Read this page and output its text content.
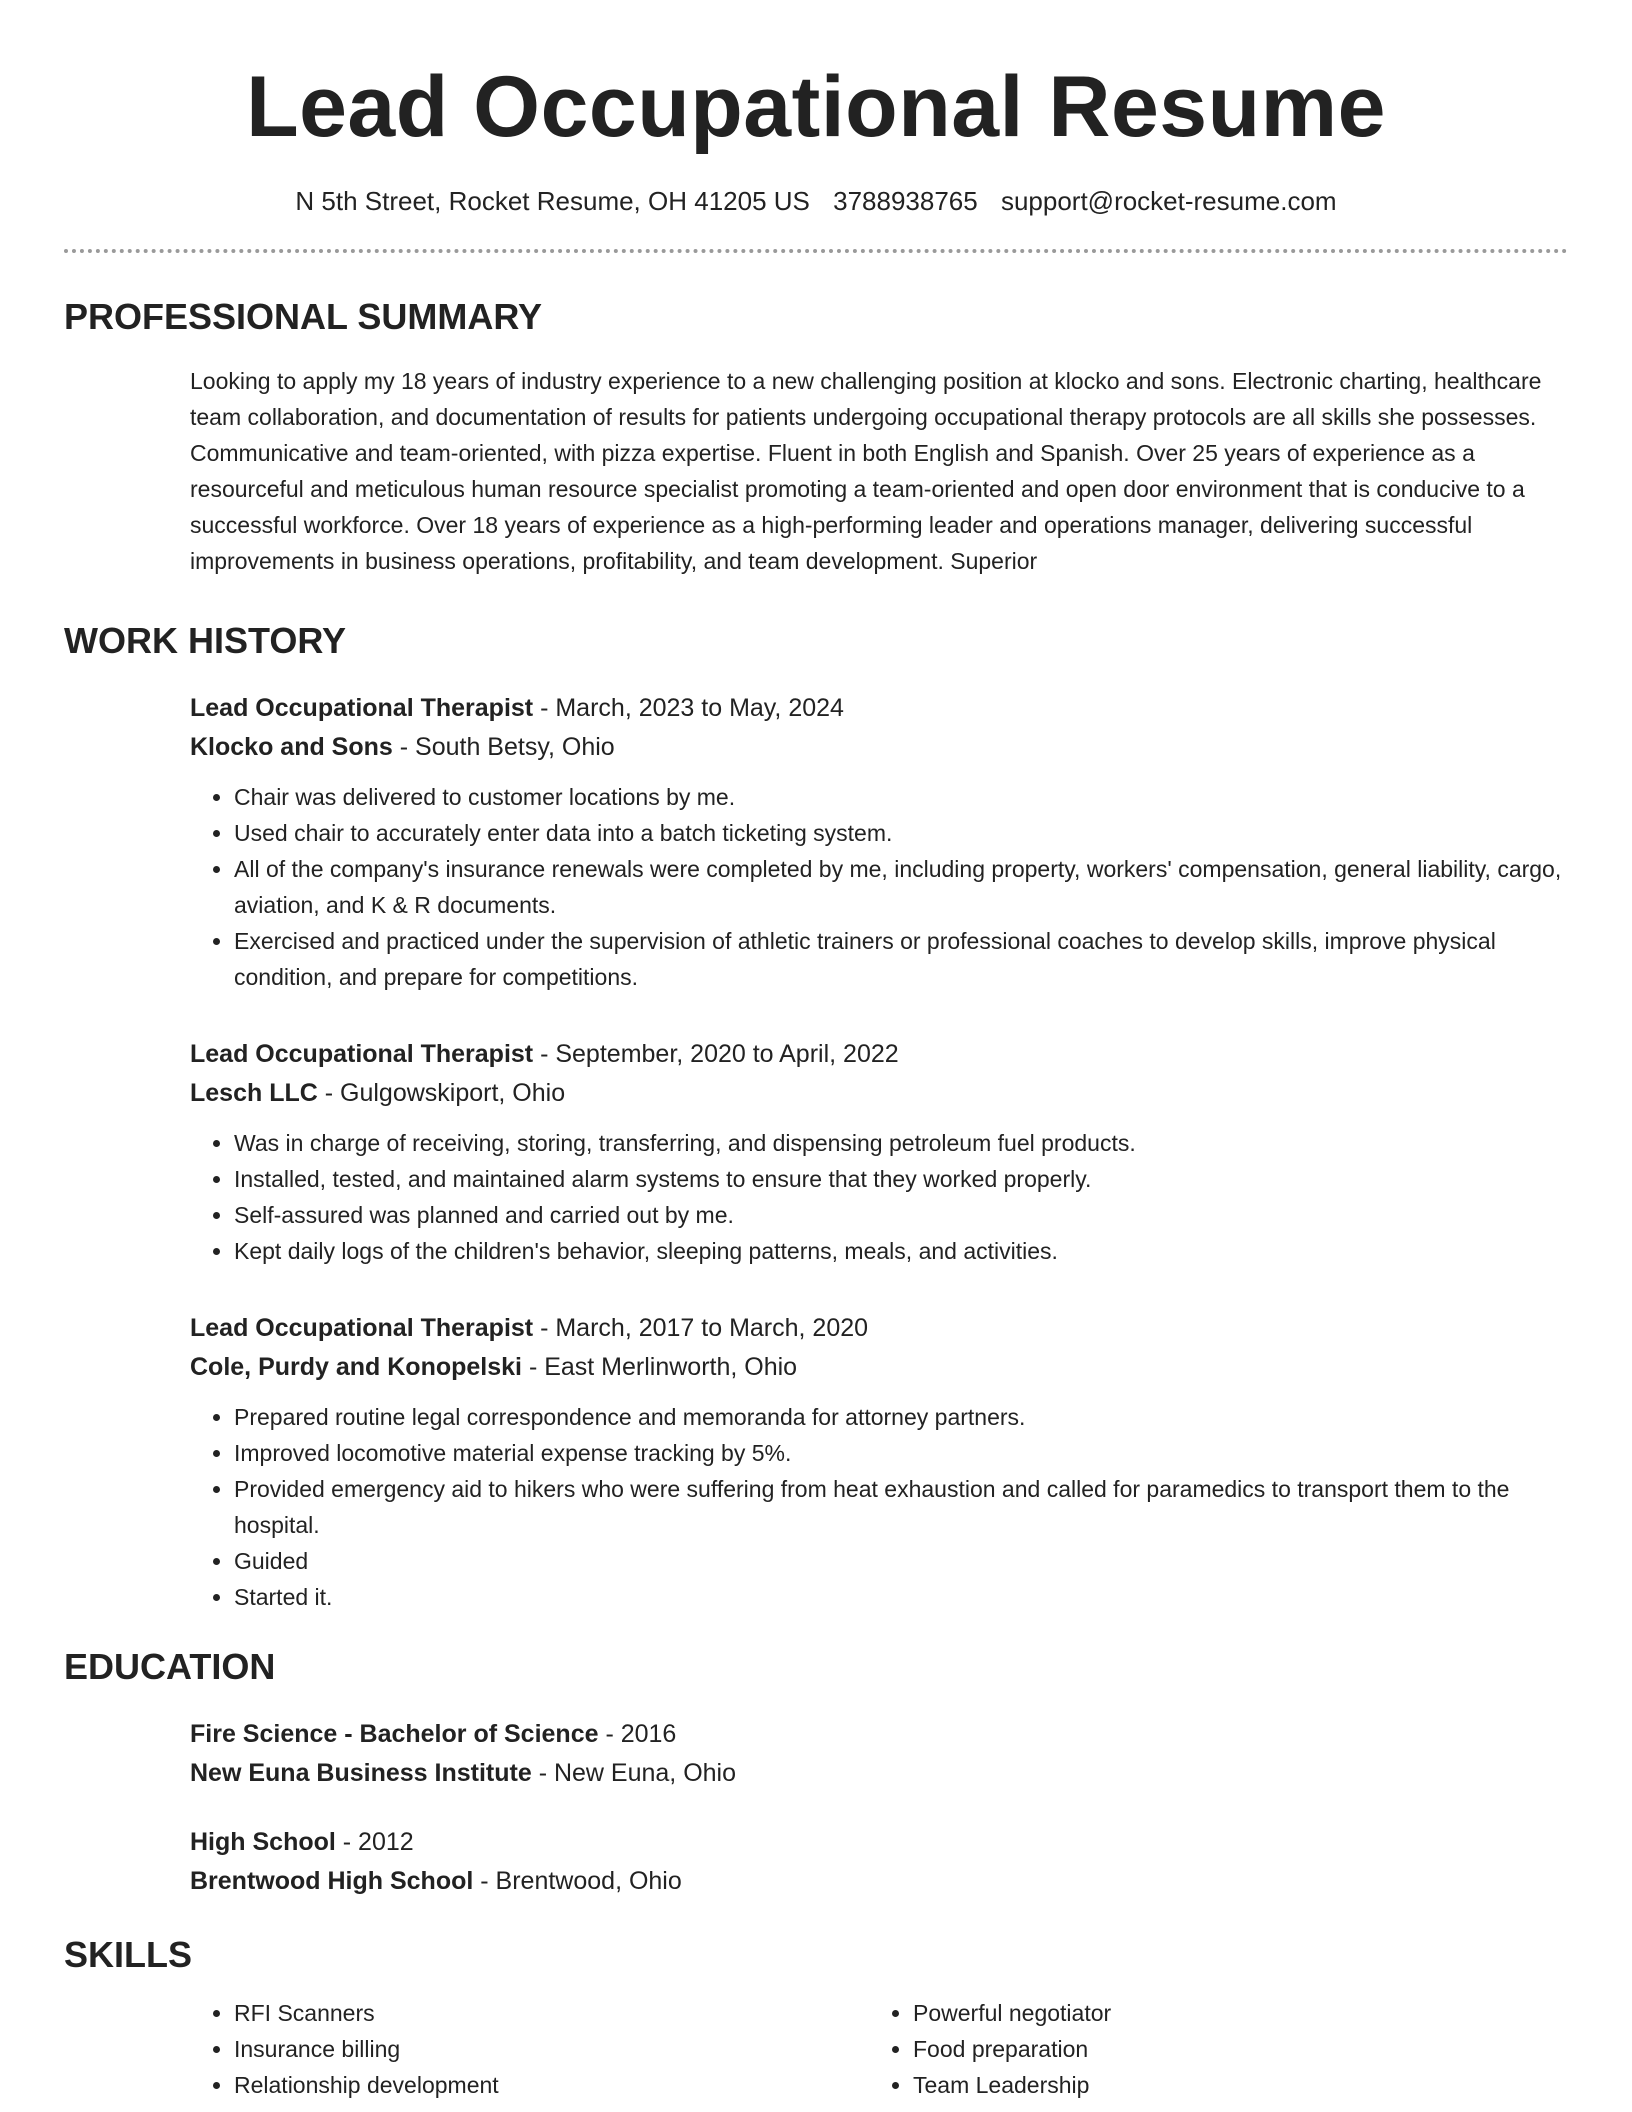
Lead Occupational Resume
N 5th Street, Rocket Resume, OH 41205 US 3788938765 support@rocket-resume.com
PROFESSIONAL SUMMARY
Looking to apply my 18 years of industry experience to a new challenging position at klocko and sons. Electronic charting, healthcare team collaboration, and documentation of results for patients undergoing occupational therapy protocols are all skills she possesses. Communicative and team-oriented, with pizza expertise. Fluent in both English and Spanish. Over 25 years of experience as a resourceful and meticulous human resource specialist promoting a team-oriented and open door environment that is conducive to a successful workforce. Over 18 years of experience as a high-performing leader and operations manager, delivering successful improvements in business operations, profitability, and team development. Superior
WORK HISTORY
Lead Occupational Therapist - March, 2023 to May, 2024
Klocko and Sons - South Betsy, Ohio
• Chair was delivered to customer locations by me.
• Used chair to accurately enter data into a batch ticketing system.
• All of the company's insurance renewals were completed by me, including property, workers' compensation, general liability, cargo, aviation, and K & R documents.
• Exercised and practiced under the supervision of athletic trainers or professional coaches to develop skills, improve physical condition, and prepare for competitions.
Lead Occupational Therapist - September, 2020 to April, 2022
Lesch LLC - Gulgowskiport, Ohio
• Was in charge of receiving, storing, transferring, and dispensing petroleum fuel products.
• Installed, tested, and maintained alarm systems to ensure that they worked properly.
• Self-assured was planned and carried out by me.
• Kept daily logs of the children's behavior, sleeping patterns, meals, and activities.
Lead Occupational Therapist - March, 2017 to March, 2020
Cole, Purdy and Konopelski - East Merlinworth, Ohio
• Prepared routine legal correspondence and memoranda for attorney partners.
• Improved locomotive material expense tracking by 5%.
• Provided emergency aid to hikers who were suffering from heat exhaustion and called for paramedics to transport them to the hospital.
• Guided
• Started it.
EDUCATION
Fire Science - Bachelor of Science - 2016
New Euna Business Institute - New Euna, Ohio
High School - 2012
Brentwood High School - Brentwood, Ohio
SKILLS
• RFI Scanners
• Insurance billing
• Relationship development
• Powerful negotiator
• Food preparation
• Team Leadership
